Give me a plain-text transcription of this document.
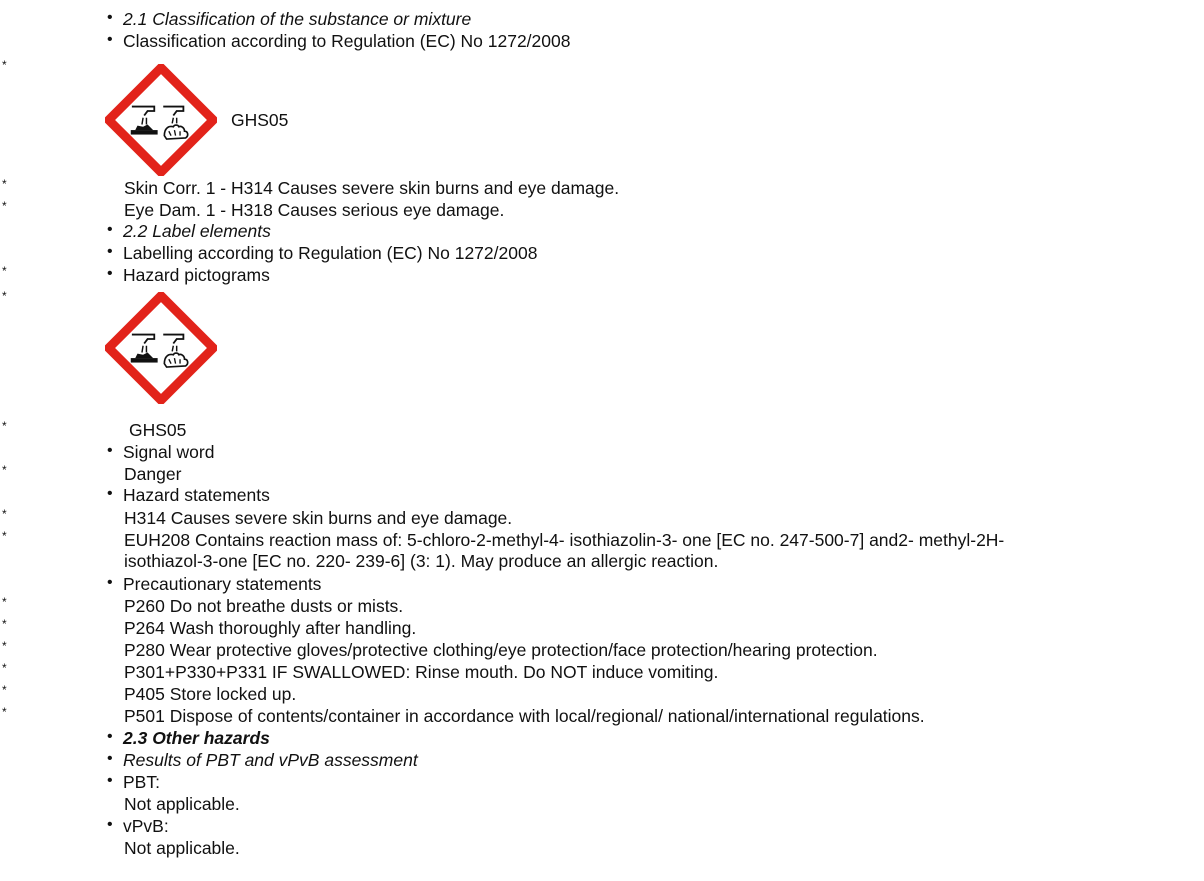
• 2.1 Classification of the substance or mixture
• Classification according to Regulation (EC) No 1272/2008
*
GHS05
*	Skin Corr. 1 - H314 Causes severe skin burns and eye damage.
*	Eye Dam. 1 - H318 Causes serious eye damage.
• 2.2 Label elements
• Labelling according to Regulation (EC) No 1272/2008
*	• Hazard pictograms
*
*	GHS05
• Signal word
*	Danger
• Hazard statements
*	H314 Causes severe skin burns and eye damage.
*	EUH208 Contains reaction mass of: 5-chloro-2-methyl-4- isothiazolin-3- one [EC no. 247-500-7] and2- methyl-2H-
isothiazol-3-one [EC no. 220- 239-6] (3: 1). May produce an allergic reaction.
• Precautionary statements
*	P260 Do not breathe dusts or mists.
*	P264 Wash thoroughly after handling.
*	P280 Wear protective gloves/protective clothing/eye protection/face protection/hearing protection.
*	P301+P330+P331 IF SWALLOWED: Rinse mouth. Do NOT induce vomiting.
*	P405 Store locked up.
*	P501 Dispose of contents/container in accordance with local/regional/ national/international regulations.
• 2.3 Other hazards
• Results of PBT and vPvB assessment
• PBT:
Not applicable.
• vPvB:
Not applicable.
